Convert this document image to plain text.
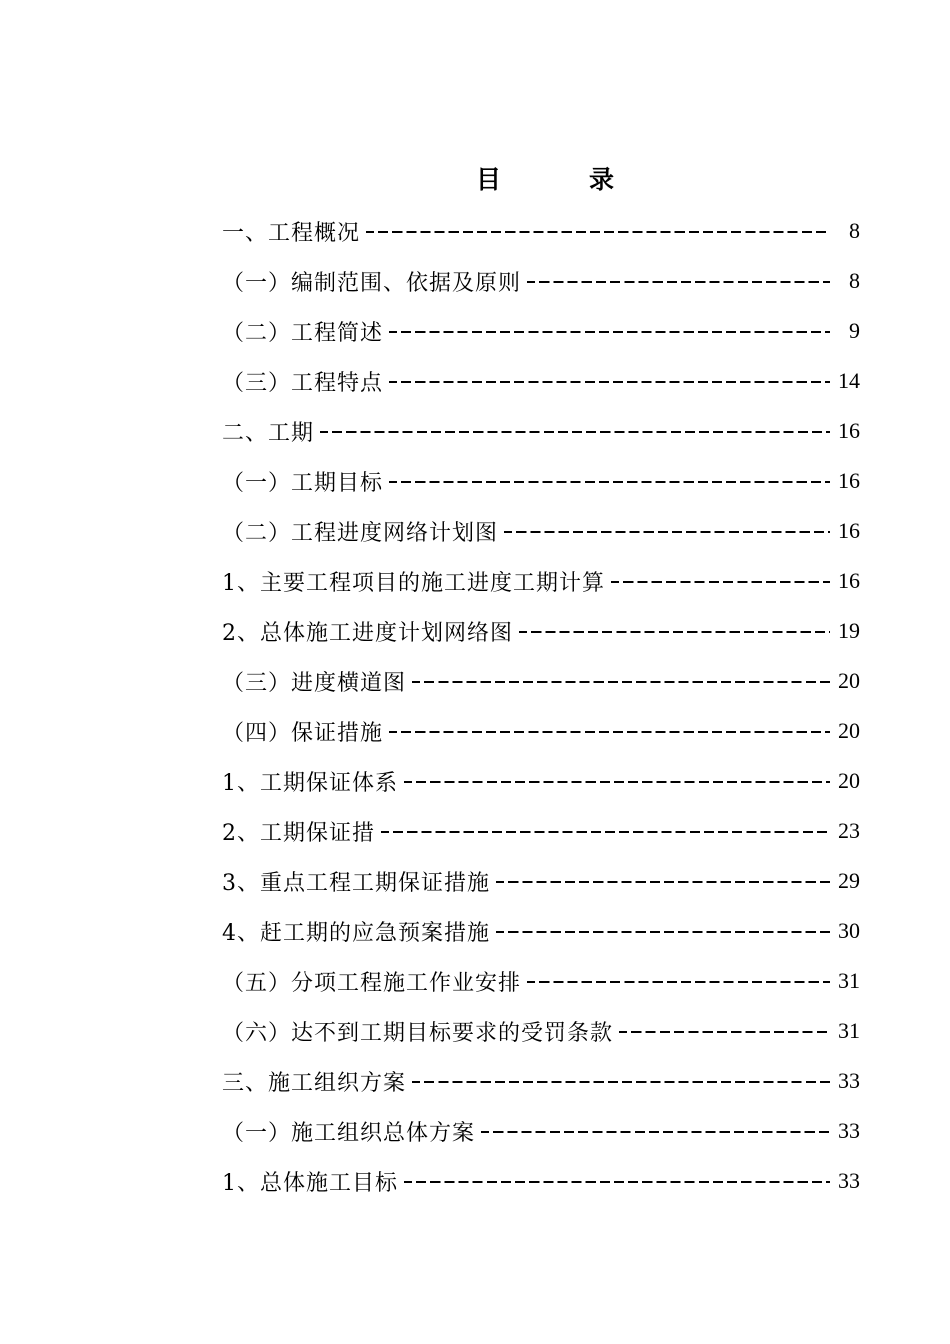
目	录
一、工程概况	8
（一）编制范围、依据及原则	8
（二）工程简述	9
（三）工程特点	14
二、工期	16
（一）工期目标	16
（二）工程进度网络计划图	16
1、主要工程项目的施工进度工期计算	16
2、总体施工进度计划网络图	19
（三）进度横道图	20
（四）保证措施	20
1、工期保证体系	20
2、工期保证措	23
3、重点工程工期保证措施	29
4、赶工期的应急预案措施	30
（五）分项工程施工作业安排	31
（六）达不到工期目标要求的受罚条款	31
三、施工组织方案	33
（一）施工组织总体方案	33
1、总体施工目标	33
